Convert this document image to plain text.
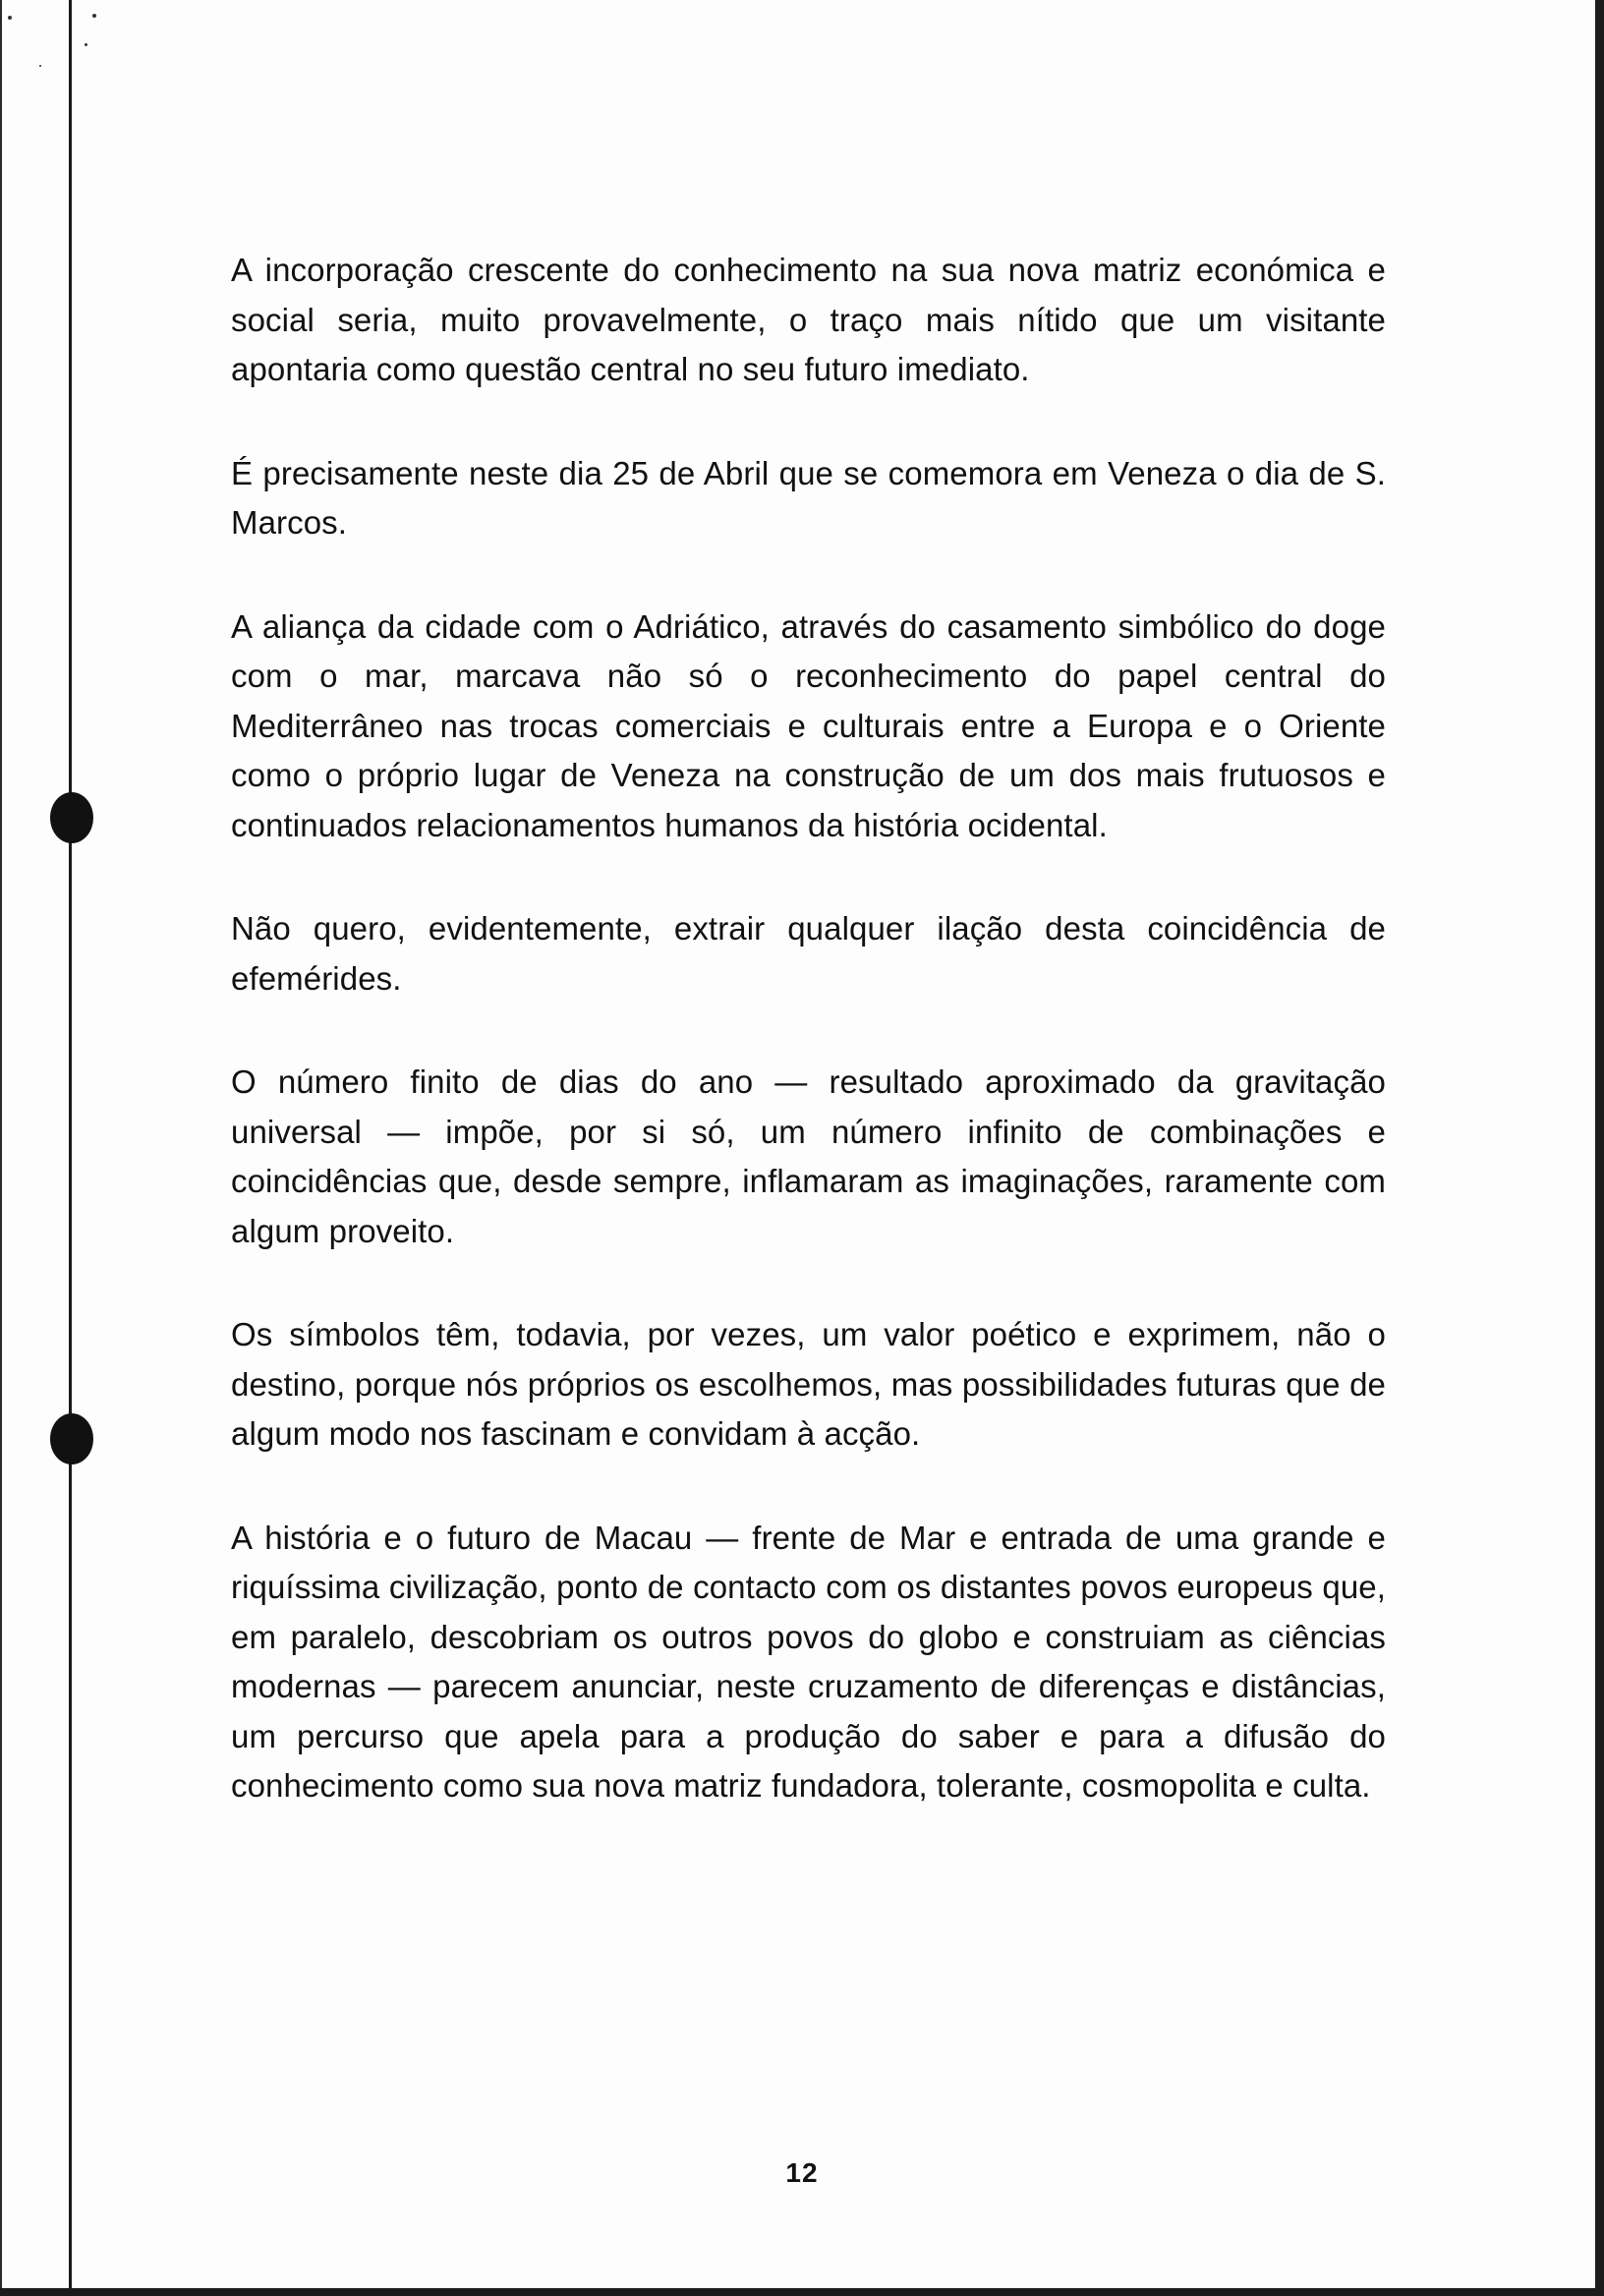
A incorporação crescente do conhecimento na sua nova matriz económica e social seria, muito provavelmente, o traço mais nítido que um visitante apontaria como questão central no seu futuro imediato.

É precisamente neste dia 25 de Abril que se comemora em Veneza o dia de S. Marcos.

A aliança da cidade com o Adriático, através do casamento simbólico do doge com o mar, marcava não só o reconhecimento do papel central do Mediterrâneo nas trocas comerciais e culturais entre a Europa e o Oriente como o próprio lugar de Veneza na construção de um dos mais frutuosos e continuados relacionamentos humanos da história ocidental.

Não quero, evidentemente, extrair qualquer ilação desta coincidência de efemérides.

O número finito de dias do ano — resultado aproximado da gravitação universal — impõe, por si só, um número infinito de combinações e coincidências que, desde sempre, inflamaram as imaginações, raramente com algum proveito.

Os símbolos têm, todavia, por vezes, um valor poético e exprimem, não o destino, porque nós próprios os escolhemos, mas possibilidades futuras que de algum modo nos fascinam e convidam à acção.

A história e o futuro de Macau — frente de Mar e entrada de uma grande e riquíssima civilização, ponto de contacto com os distantes povos europeus que, em paralelo, descobriam os outros povos do globo e construiam as ciências modernas — parecem anunciar, neste cruzamento de diferenças e distâncias, um percurso que apela para a produção do saber e para a difusão do conhecimento como sua nova matriz fundadora, tolerante, cosmopolita e culta.

12
